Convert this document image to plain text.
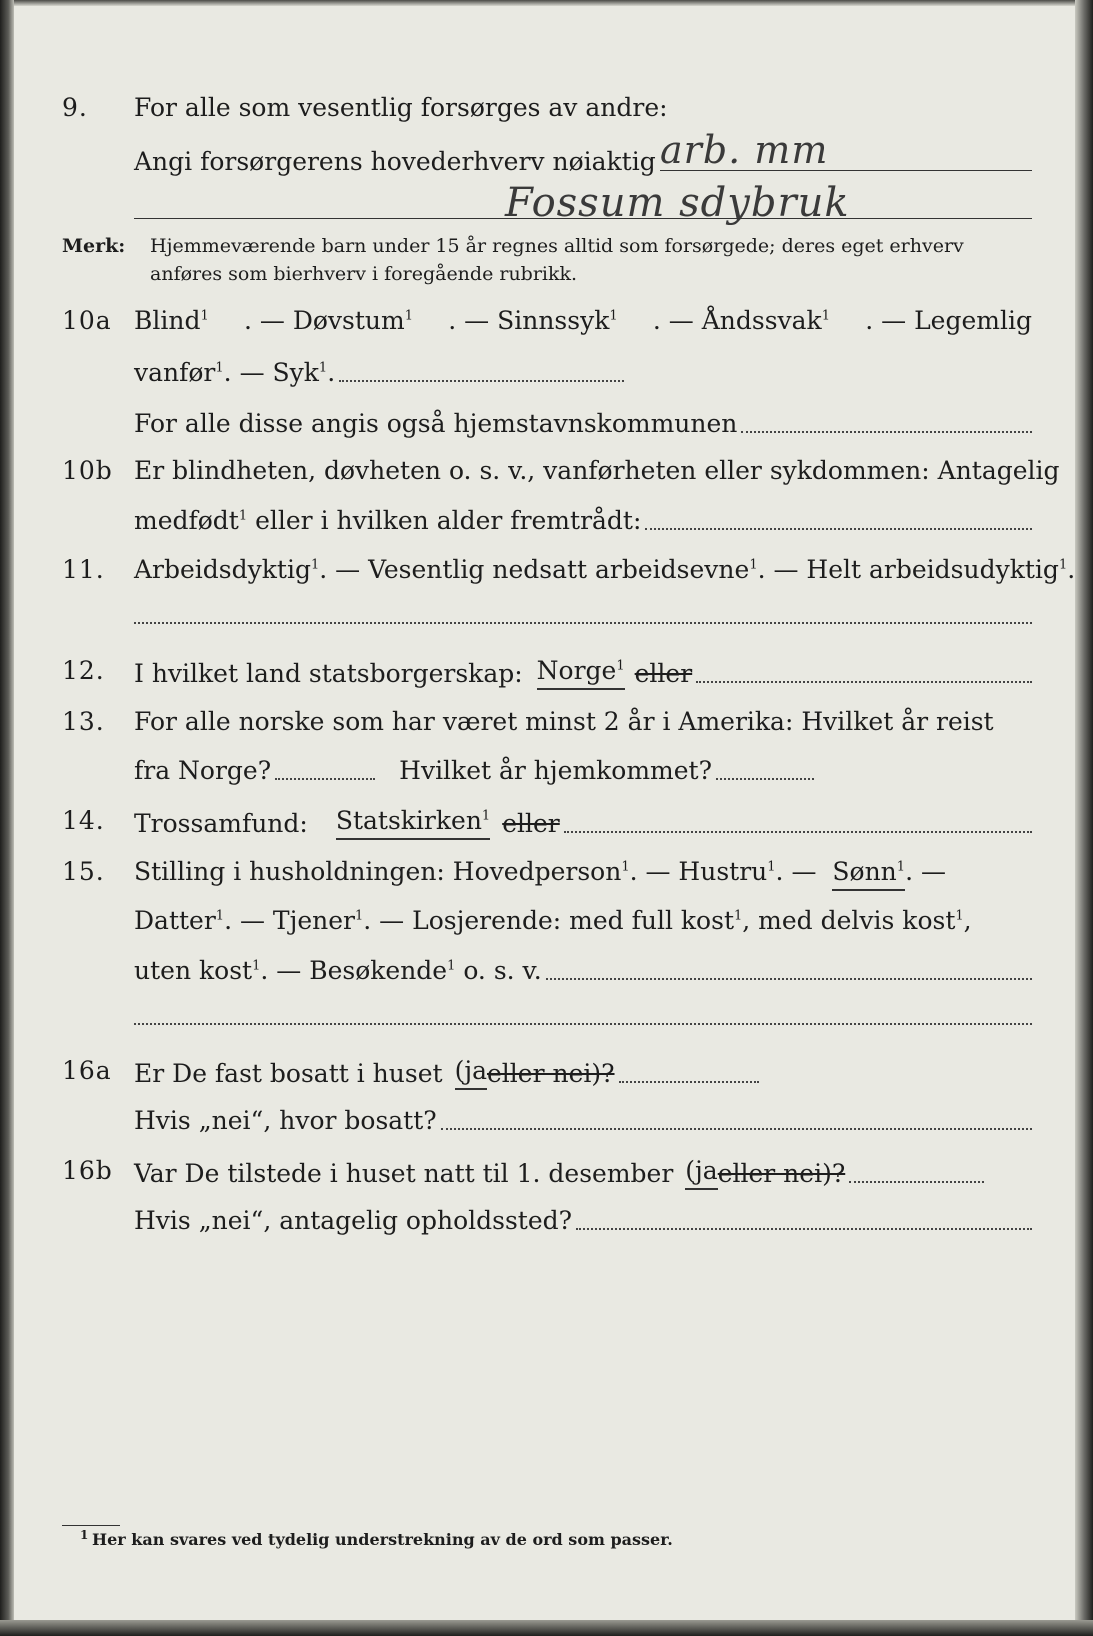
9. For alle som vesentlig forsørges av andre:
Angi forsørgerens hovederhverv nøiaktig arb. mm
Fossum sdybruk
Merk: Hjemmeværende barn under 15 år regnes alltid som forsørgede; deres eget erhverv
anføres som bierhverv i foregående rubrikk.
10a Blind$^1$ . — Døvstum$^1$ . — Sinnssyk$^1$ . — Åndssvak$^1$ . — Legemlig
vanfør$^1$. — Syk$^1$.
For alle disse angis også hjemstavnskommunen
10b Er blindheten, døvheten o. s. v., vanførheten eller sykdommen: Antagelig
medfødt$^1$ eller i hvilken alder fremtrådt:
11. Arbeidsdyktig$^1$. — Vesentlig nedsatt arbeidsevne$^1$. — Helt arbeidsudyktig$^1$.
12. I hvilket land statsborgerskap: Norge$^1$ eller
13. For alle norske som har været minst 2 år i Amerika: Hvilket år reist
fra Norge?	Hvilket år hjemkommet?
14. Trossamfund: Statskirken$^1$ eller
15. Stilling i husholdningen: Hovedperson$^1$. — Hustru$^1$. — Sønn$^1$. —
Datter$^1$. — Tjener$^1$. — Losjerende: med full kost$^1$, med delvis kost$^1$,
uten kost$^1$. — Besøkende$^1$ o. s. v.
16a Er De fast bosatt i huset (ja eller nei)?
Hvis „nei“, hvor bosatt?
16b Var De tilstede i huset natt til 1. desember (ja eller nei)?
Hvis „nei“, antagelig opholdssted?
1 Her kan svares ved tydelig understrekning av de ord som passer.
